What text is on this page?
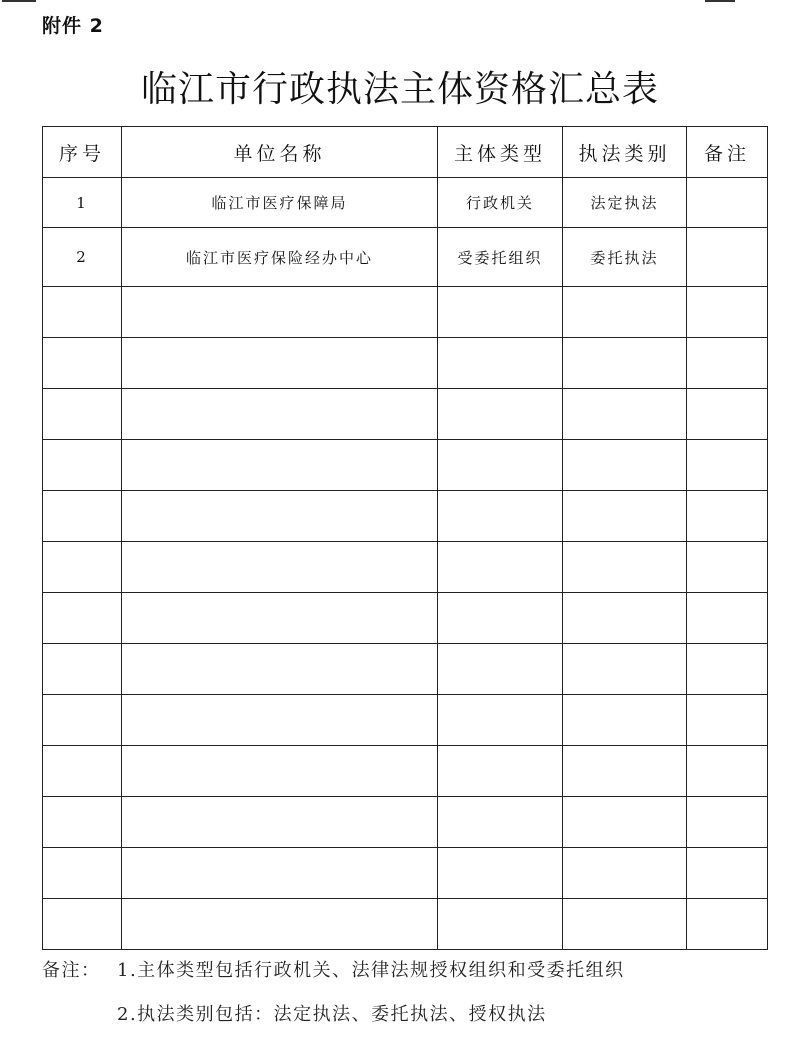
附件 2
临江市行政执法主体资格汇总表
序号	单位名称	主体类型	执法类别	备注
1	临江市医疗保障局	行政机关	法定执法	
2	临江市医疗保险经办中心	受委托组织	委托执法	

备注： 1.主体类型包括行政机关、法律法规授权组织和受委托组织
2.执法类别包括：法定执法、委托执法、授权执法
